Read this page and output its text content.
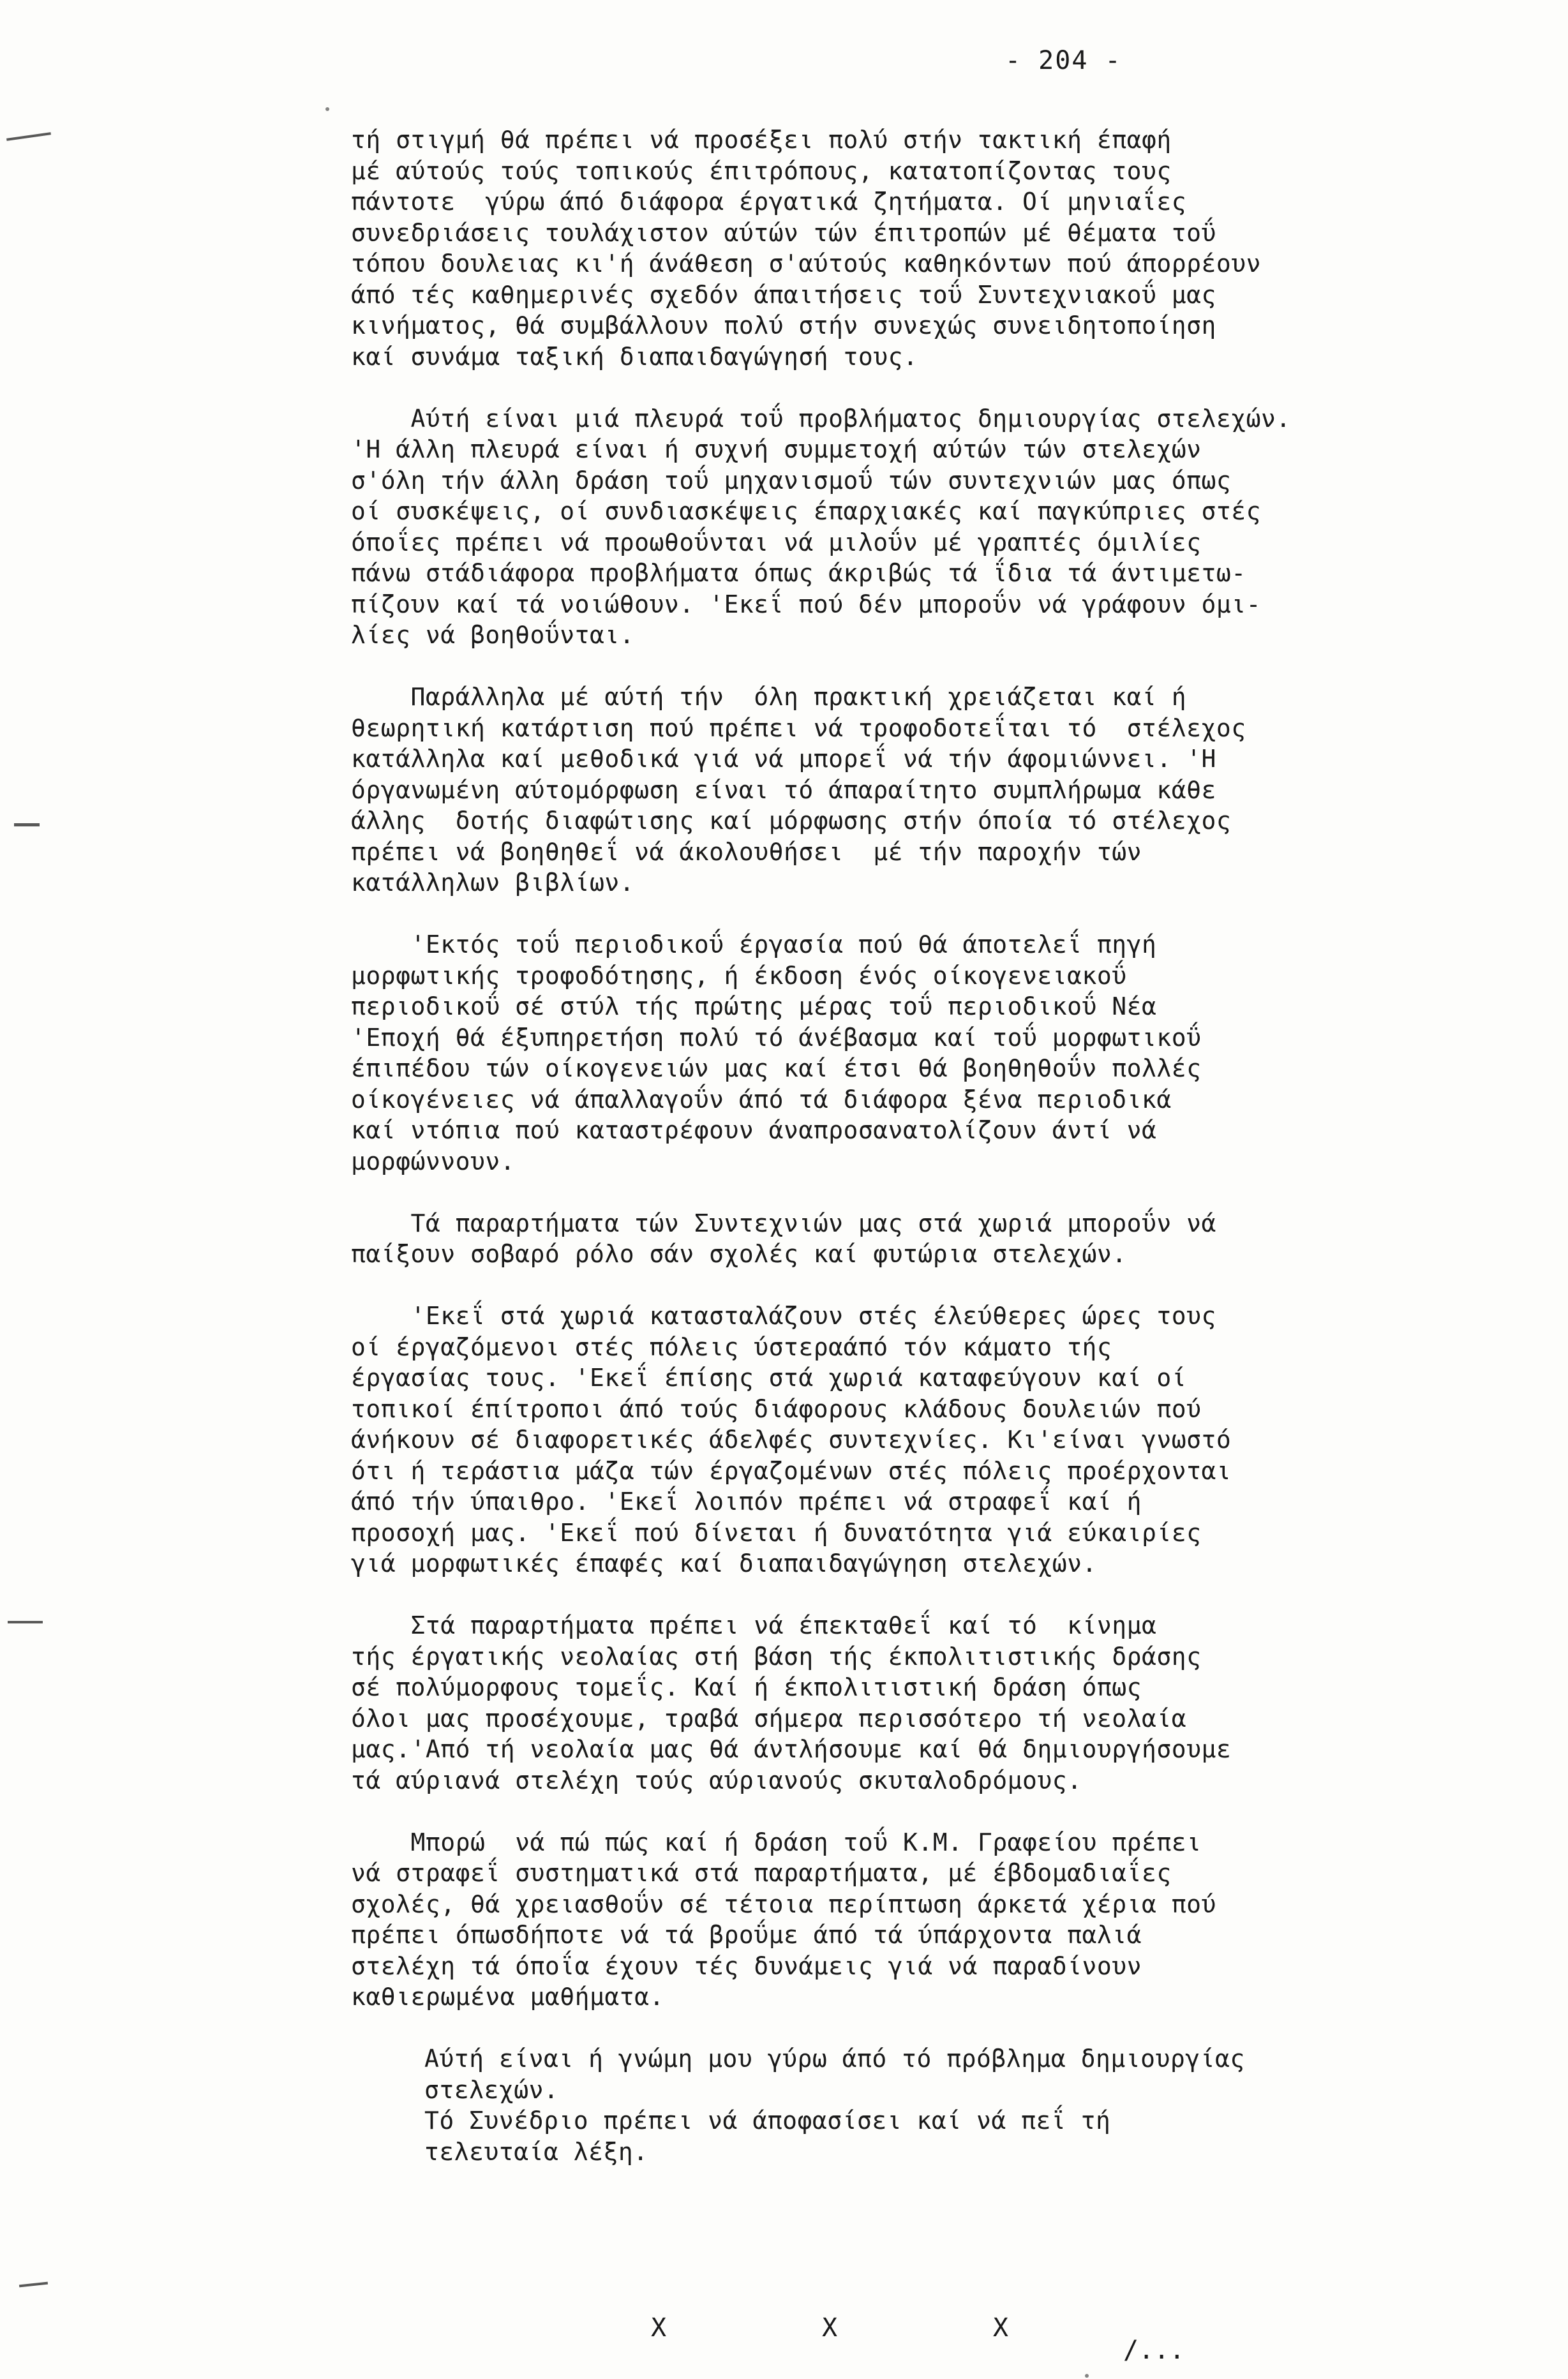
- 204 -
τή στιγμή θά πρέπει νά προσέξει πολύ στήν τακτική έπαφή
μέ αύτούς τούς τοπικούς έπιτρόπους, κατατοπίζοντας τους
πάντοτε  γύρω άπό διάφορα έργατικά ζητήματα. Οί μηνιαΐες
συνεδριάσεις τουλάχιστον αύτών τών έπιτροπών μέ θέματα τοΰ
τόπου δουλειας κι'ή άνάθεση σ'αύτούς καθηκόντων πού άπορρέουν
άπό τές καθημερινές σχεδόν άπαιτήσεις τοΰ Συντεχνιακοΰ μας
κινήματος, θά συμβάλλουν πολύ στήν συνεχώς συνειδητοποίηση
καί συνάμα ταξική διαπαιδαγώγησή τους.
Αύτή είναι μιά πλευρά τοΰ προβλήματος δημιουργίας στελεχών.
'Η άλλη πλευρά είναι ή συχνή συμμετοχή αύτών τών στελεχών
σ'όλη τήν άλλη δράση τοΰ μηχανισμοΰ τών συντεχνιών μας όπως
οί συσκέψεις, οί συνδιασκέψεις έπαρχιακές καί παγκύπριες στές
όποΐες πρέπει νά προωθοΰνται νά μιλοΰν μέ γραπτές όμιλίες
πάνω στάδιάφορα προβλήματα όπως άκριβώς τά ΐδια τά άντιμετω-
πίζουν καί τά νοιώθουν. 'Εκεΐ πού δέν μποροΰν νά γράφουν όμι-
λίες νά βοηθοΰνται.
Παράλληλα μέ αύτή τήν  όλη πρακτική χρειάζεται καί ή
θεωρητική κατάρτιση πού πρέπει νά τροφοδοτεΐται τό  στέλεχος
κατάλληλα καί μεθοδικά γιά νά μπορεΐ νά τήν άφομιώννει. 'Η
όργανωμένη αύτομόρφωση είναι τό άπαραίτητο συμπλήρωμα κάθε
άλλης  δοτής διαφώτισης καί μόρφωσης στήν όποία τό στέλεχος
πρέπει νά βοηθηθεΐ νά άκολουθήσει  μέ τήν παροχήν τών
κατάλληλων βιβλίων.
'Εκτός τοΰ περιοδικοΰ έργασία πού θά άποτελεΐ πηγή
μορφωτικής τροφοδότησης, ή έκδοση ένός οίκογενειακοΰ
περιοδικοΰ σέ στύλ τής πρώτης μέρας τοΰ περιοδικοΰ Νέα
'Εποχή θά έξυπηρετήση πολύ τό άνέβασμα καί τοΰ μορφωτικοΰ
έπιπέδου τών οίκογενειών μας καί έτσι θά βοηθηθοΰν πολλές
οίκογένειες νά άπαλλαγοΰν άπό τά διάφορα ξένα περιοδικά
καί ντόπια πού καταστρέφουν άναπροσανατολίζουν άντί νά
μορφώννουν.
Τά παραρτήματα τών Συντεχνιών μας στά χωριά μποροΰν νά
παίξουν σοβαρό ρόλο σάν σχολές καί φυτώρια στελεχών.
'Εκεΐ στά χωριά κατασταλάζουν στές έλεύθερες ώρες τους
οί έργαζόμενοι στές πόλεις ύστεραάπό τόν κάματο τής
έργασίας τους. 'Εκεΐ έπίσης στά χωριά καταφεύγουν καί οί
τοπικοί έπίτροποι άπό τούς διάφορους κλάδους δουλειών πού
άνήκουν σέ διαφορετικές άδελφές συντεχνίες. Κι'είναι γνωστό
ότι ή τεράστια μάζα τών έργαζομένων στές πόλεις προέρχονται
άπό τήν ύπαιθρο. 'Εκεΐ λοιπόν πρέπει νά στραφεΐ καί ή
προσοχή μας. 'Εκεΐ πού δίνεται ή δυνατότητα γιά εύκαιρίες
γιά μορφωτικές έπαφές καί διαπαιδαγώγηση στελεχών.
Στά παραρτήματα πρέπει νά έπεκταθεΐ καί τό  κίνημα
τής έργατικής νεολαίας στή βάση τής έκπολιτιστικής δράσης
σέ πολύμορφους τομεΐς. Καί ή έκπολιτιστική δράση όπως
όλοι μας προσέχουμε, τραβά σήμερα περισσότερο τή νεολαία
μας.'Από τή νεολαία μας θά άντλήσουμε καί θά δημιουργήσουμε
τά αύριανά στελέχη τούς αύριανούς σκυταλοδρόμους.
Μπορώ  νά πώ πώς καί ή δράση τοΰ Κ.Μ. Γραφείου πρέπει
νά στραφεΐ συστηματικά στά παραρτήματα, μέ έβδομαδιαΐες
σχολές, θά χρειασθοΰν σέ τέτοια περίπτωση άρκετά χέρια πού
πρέπει όπωσδήποτε νά τά βροΰμε άπό τά ύπάρχοντα παλιά
στελέχη τά όποΐα έχουν τές δυνάμεις γιά νά παραδίνουν
καθιερωμένα μαθήματα.
Αύτή είναι ή γνώμη μου γύρω άπό τό πρόβλημα δημιουργίας
στελεχών.
Τό Συνέδριο πρέπει νά άποφασίσει καί νά πεΐ τή
τελευταία λέξη.
X	X	X
/...
